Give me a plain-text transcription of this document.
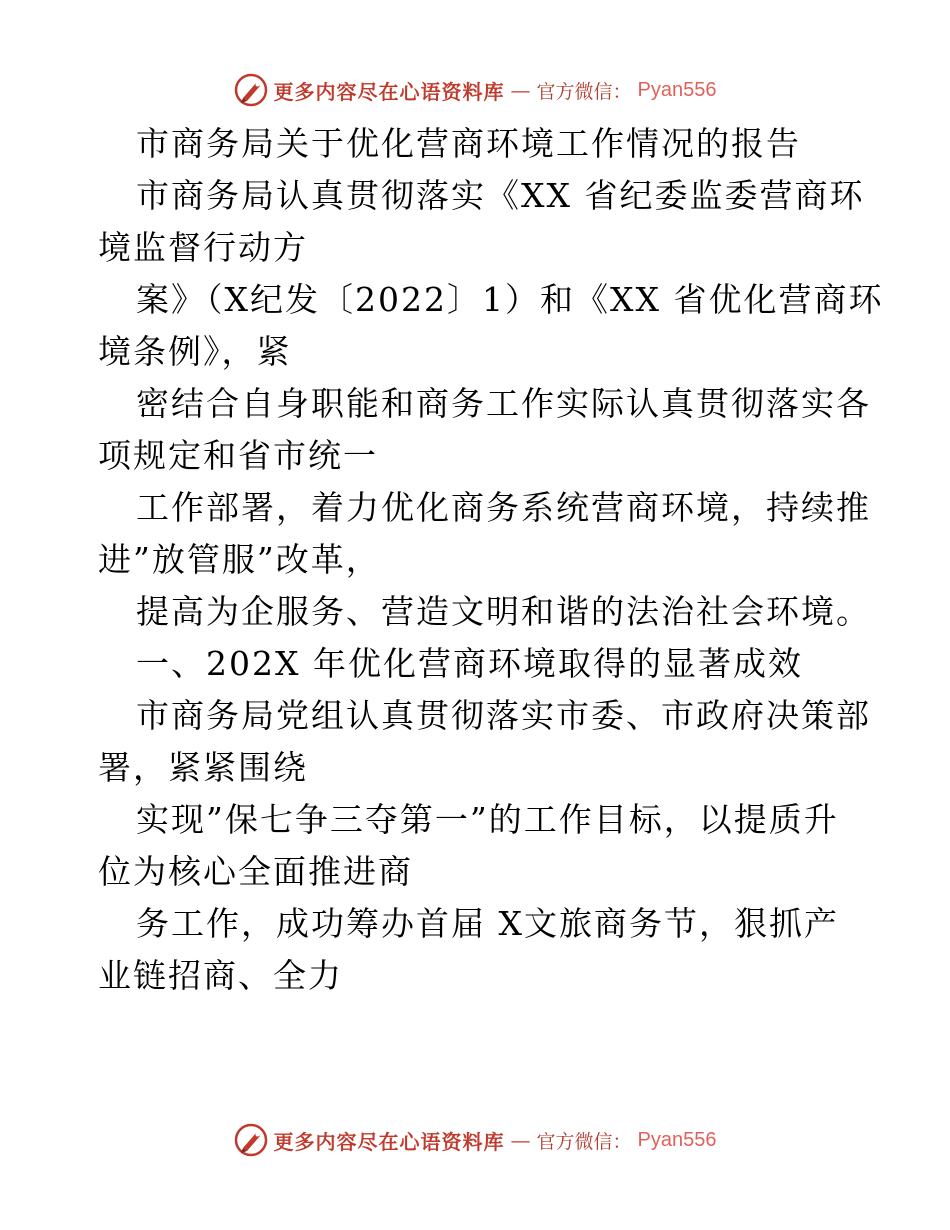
更多内容尽在心语资料库 — 官方微信： Pyan556
市商务局关于优化营商环境工作情况的报告
市商务局认真贯彻落实《XX 省纪委监委营商环
境监督行动方
案》（X纪发〔2022〕1）和《XX 省优化营商环
境条例》，紧
密结合自身职能和商务工作实际认真贯彻落实各
项规定和省市统一
工作部署，着力优化商务系统营商环境，持续推
进”放管服”改革，
提高为企服务、营造文明和谐的法治社会环境。
一、202X 年优化营商环境取得的显著成效
市商务局党组认真贯彻落实市委、市政府决策部
署，紧紧围绕
实现”保七争三夺第一”的工作目标，以提质升
位为核心全面推进商
务工作，成功筹办首届 X文旅商务节，狠抓产
业链招商、全力
更多内容尽在心语资料库 — 官方微信： Pyan556
